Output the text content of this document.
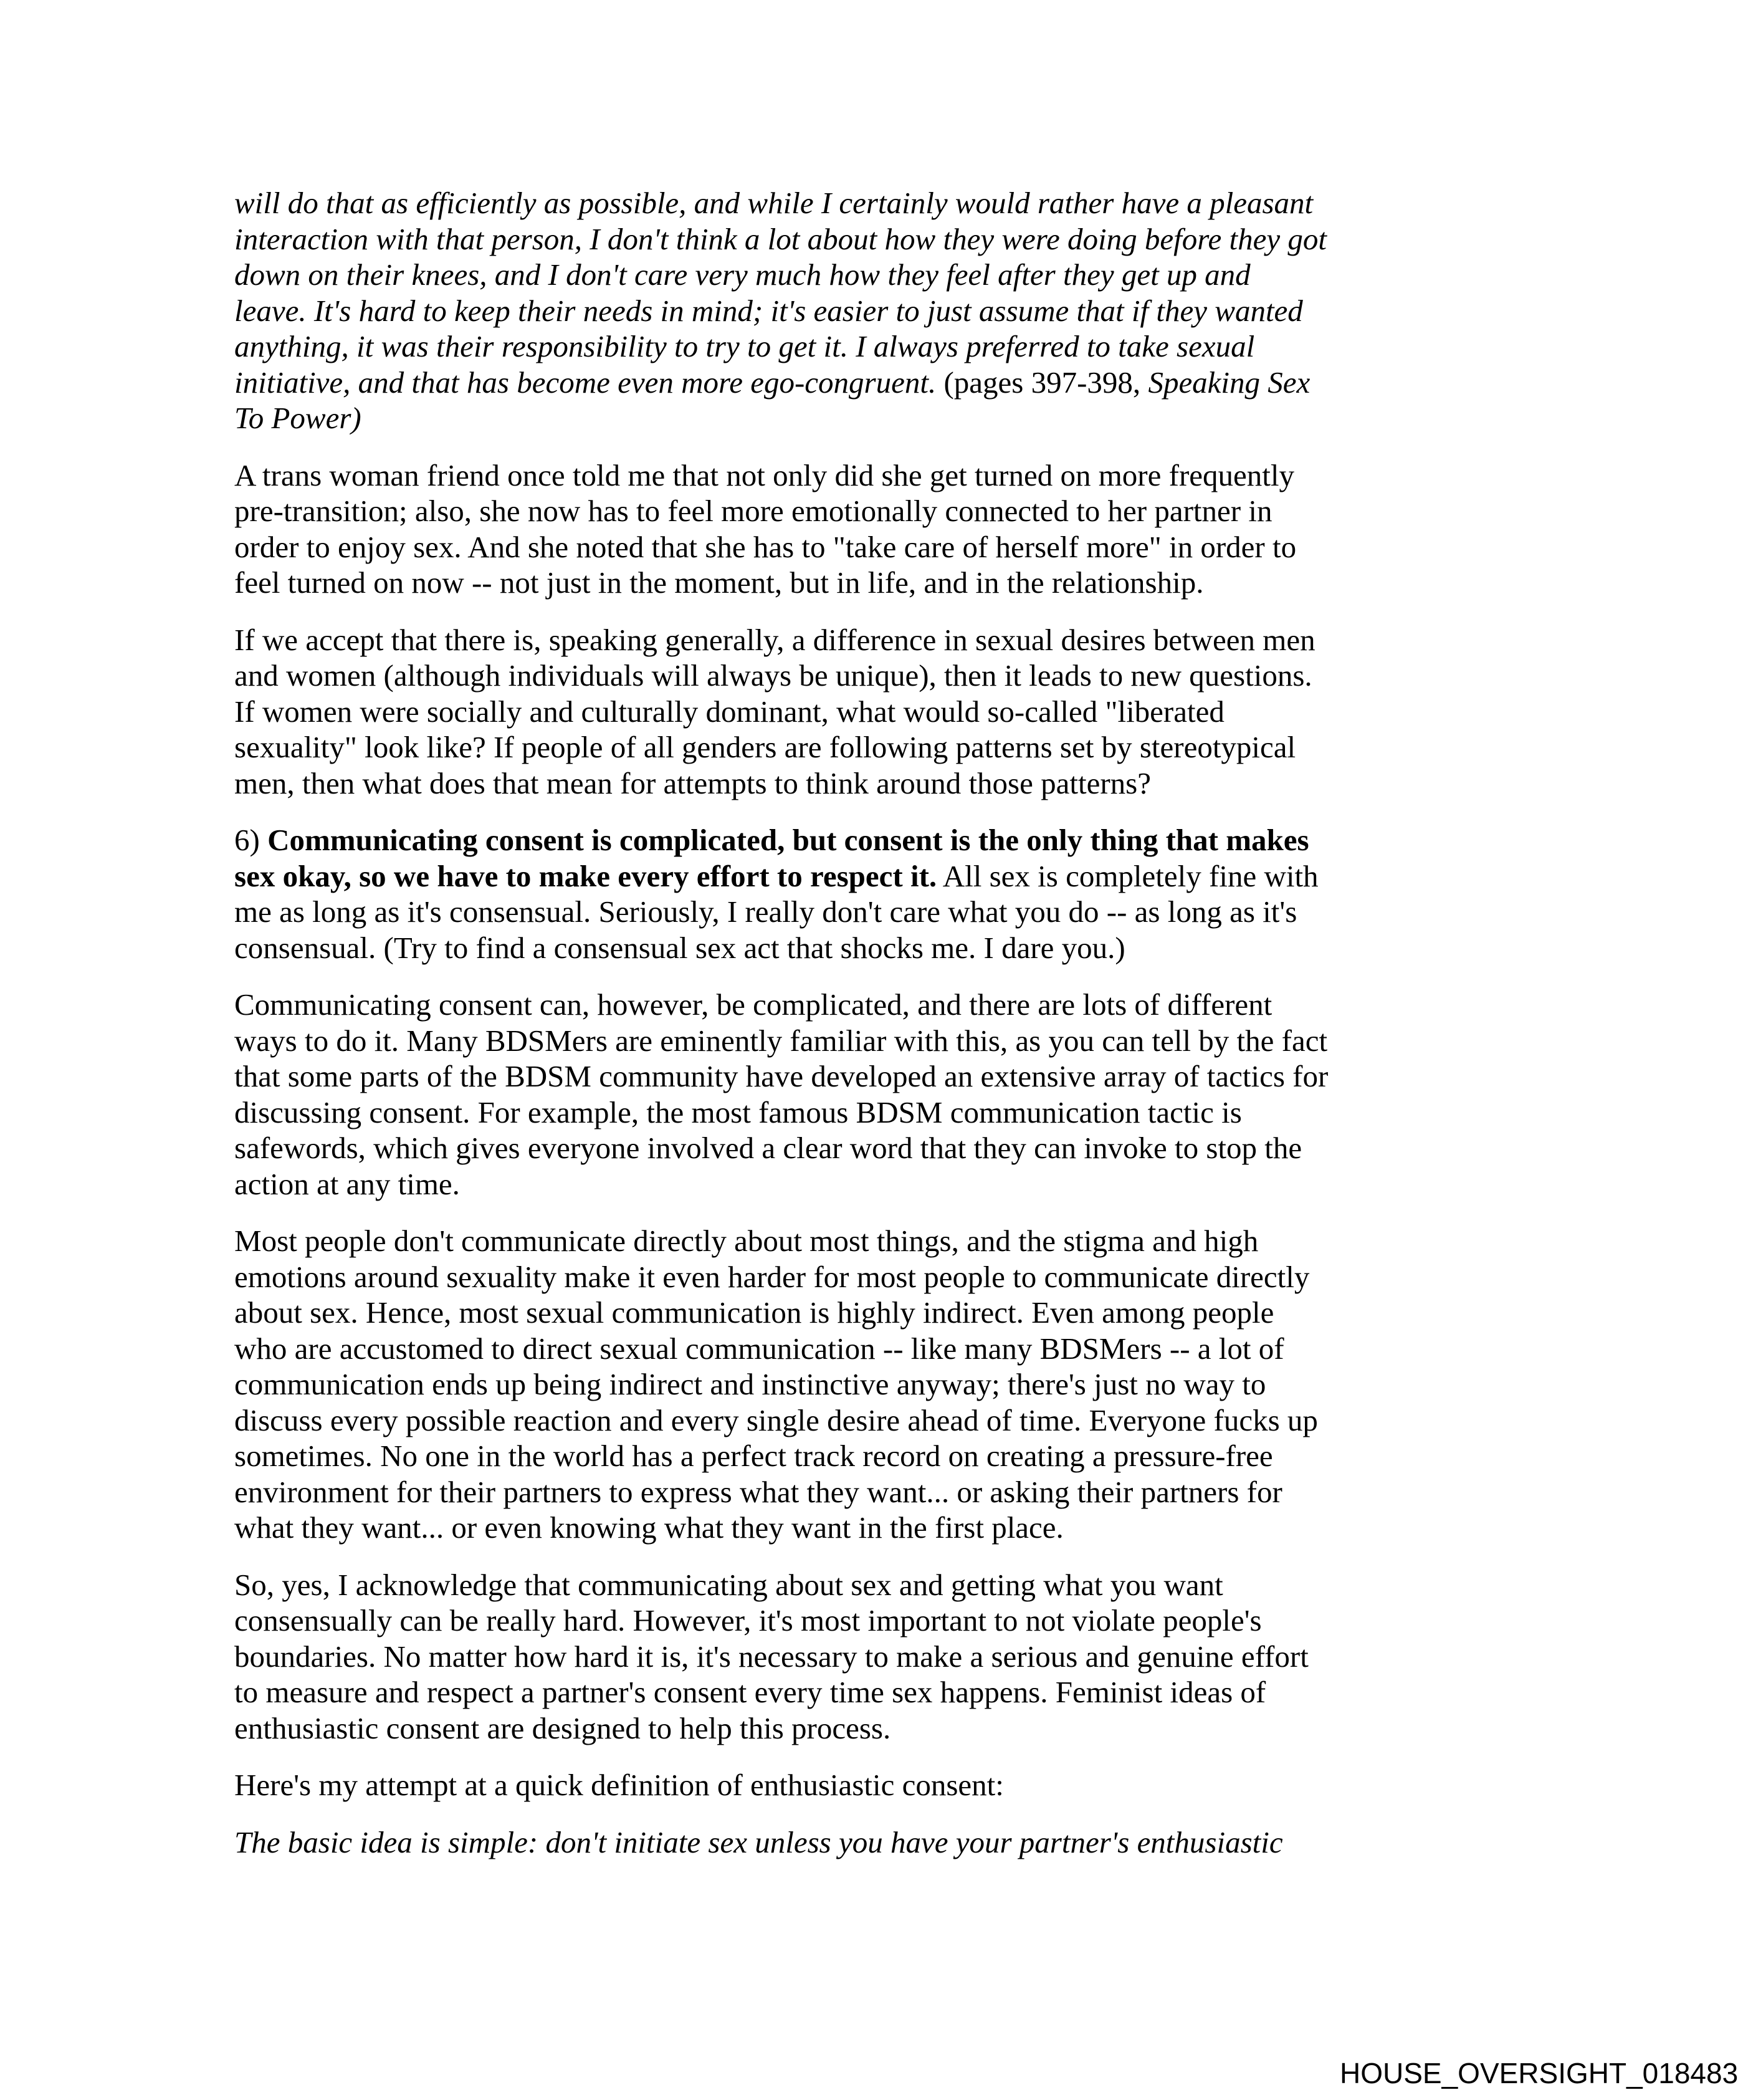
will do that as efficiently as possible, and while I certainly would rather have a pleasant
interaction with that person, I don't think a lot about how they were doing before they got
down on their knees, and I don't care very much how they feel after they get up and
leave. It's hard to keep their needs in mind; it's easier to just assume that if they wanted
anything, it was their responsibility to try to get it. I always preferred to take sexual
initiative, and that has become even more ego-congruent. (pages 397-398, Speaking Sex
To Power)

A trans woman friend once told me that not only did she get turned on more frequently
pre-transition; also, she now has to feel more emotionally connected to her partner in
order to enjoy sex. And she noted that she has to "take care of herself more" in order to
feel turned on now -- not just in the moment, but in life, and in the relationship.

If we accept that there is, speaking generally, a difference in sexual desires between men
and women (although individuals will always be unique), then it leads to new questions.
If women were socially and culturally dominant, what would so-called "liberated
sexuality" look like? If people of all genders are following patterns set by stereotypical
men, then what does that mean for attempts to think around those patterns?

6) Communicating consent is complicated, but consent is the only thing that makes
sex okay, so we have to make every effort to respect it. All sex is completely fine with
me as long as it's consensual. Seriously, I really don't care what you do -- as long as it's
consensual. (Try to find a consensual sex act that shocks me. I dare you.)

Communicating consent can, however, be complicated, and there are lots of different
ways to do it. Many BDSMers are eminently familiar with this, as you can tell by the fact
that some parts of the BDSM community have developed an extensive array of tactics for
discussing consent. For example, the most famous BDSM communication tactic is
safewords, which gives everyone involved a clear word that they can invoke to stop the
action at any time.

Most people don't communicate directly about most things, and the stigma and high
emotions around sexuality make it even harder for most people to communicate directly
about sex. Hence, most sexual communication is highly indirect. Even among people
who are accustomed to direct sexual communication -- like many BDSMers -- a lot of
communication ends up being indirect and instinctive anyway; there's just no way to
discuss every possible reaction and every single desire ahead of time. Everyone fucks up
sometimes. No one in the world has a perfect track record on creating a pressure-free
environment for their partners to express what they want... or asking their partners for
what they want... or even knowing what they want in the first place.

So, yes, I acknowledge that communicating about sex and getting what you want
consensually can be really hard. However, it's most important to not violate people's
boundaries. No matter how hard it is, it's necessary to make a serious and genuine effort
to measure and respect a partner's consent every time sex happens. Feminist ideas of
enthusiastic consent are designed to help this process.

Here's my attempt at a quick definition of enthusiastic consent:

The basic idea is simple: don't initiate sex unless you have your partner's enthusiastic

HOUSE_OVERSIGHT_018483
